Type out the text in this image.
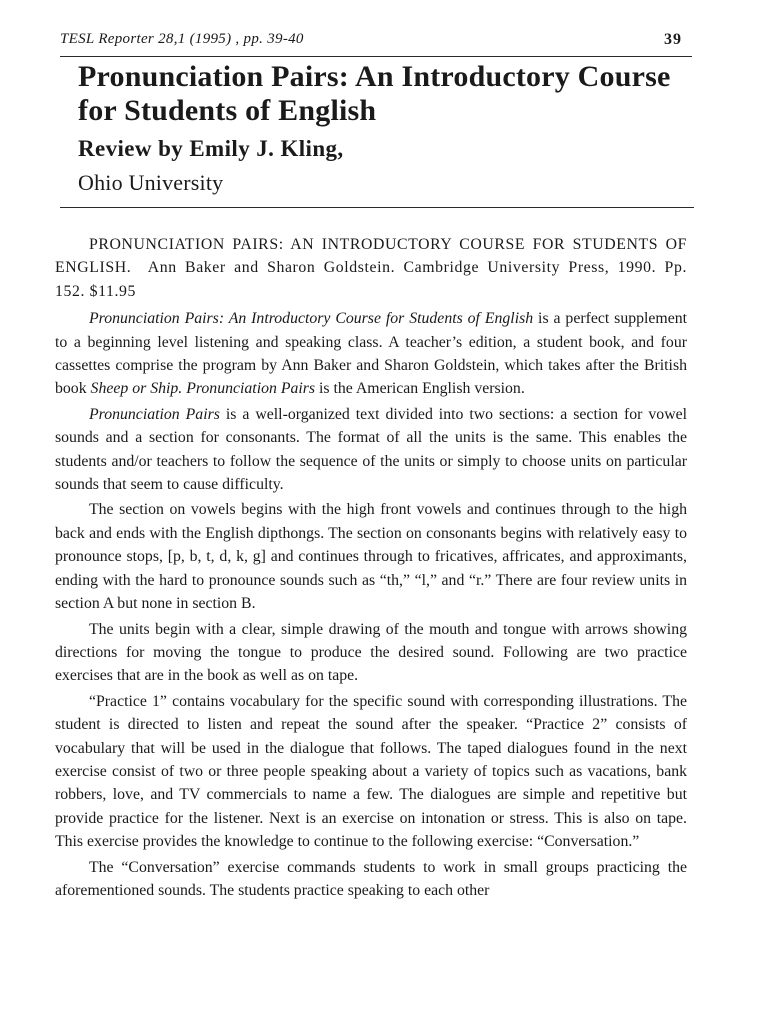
TESL Reporter 28,1 (1995) , pp. 39-40	39
Pronunciation Pairs: An Introductory Course for Students of English

Review by Emily J. Kling,

Ohio University

PRONUNCIATION PAIRS: AN INTRODUCTORY COURSE FOR STUDENTS OF ENGLISH. Ann Baker and Sharon Goldstein. Cambridge University Press, 1990. Pp. 152. $11.95

Pronunciation Pairs: An Introductory Course for Students of English is a perfect supplement to a beginning level listening and speaking class. A teacher’s edition, a student book, and four cassettes comprise the program by Ann Baker and Sharon Goldstein, which takes after the British book Sheep or Ship. Pronunciation Pairs is the American English version.

Pronunciation Pairs is a well-organized text divided into two sections: a section for vowel sounds and a section for consonants. The format of all the units is the same. This enables the students and/or teachers to follow the sequence of the units or simply to choose units on particular sounds that seem to cause difficulty.

The section on vowels begins with the high front vowels and continues through to the high back and ends with the English dipthongs. The section on consonants begins with relatively easy to pronounce stops, [p, b, t, d, k, g] and continues through to fricatives, affricates, and approximants, ending with the hard to pronounce sounds such as “th,” “l,” and “r.” There are four review units in section A but none in section B.

The units begin with a clear, simple drawing of the mouth and tongue with arrows showing directions for moving the tongue to produce the desired sound. Following are two practice exercises that are in the book as well as on tape.

“Practice 1” contains vocabulary for the specific sound with corresponding illustrations. The student is directed to listen and repeat the sound after the speaker. “Practice 2” consists of vocabulary that will be used in the dialogue that follows. The taped dialogues found in the next exercise consist of two or three people speaking about a variety of topics such as vacations, bank robbers, love, and TV commercials to name a few. The dialogues are simple and repetitive but provide practice for the listener. Next is an exercise on intonation or stress. This is also on tape. This exercise provides the knowledge to continue to the following exercise: “Conversation.”

The “Conversation” exercise commands students to work in small groups practicing the aforementioned sounds. The students practice speaking to each other
